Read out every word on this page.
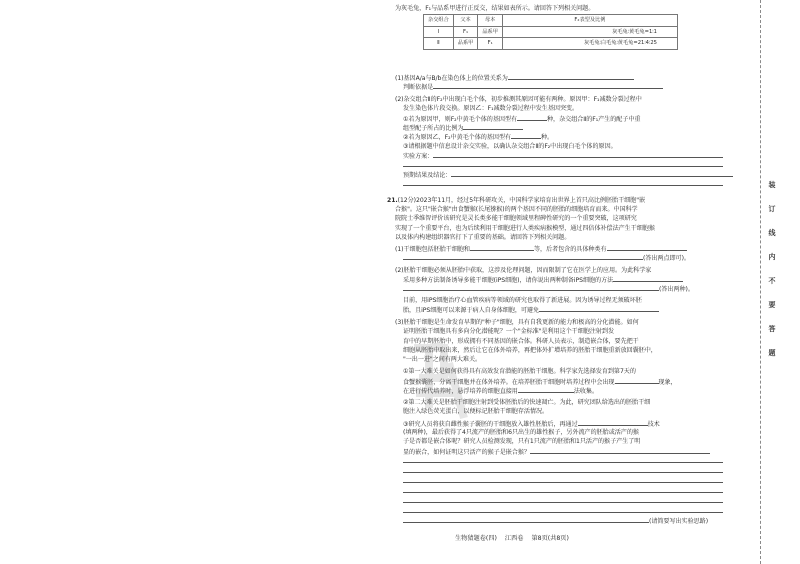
为灰毛兔，F₁与品系甲进行正反交，结果如表所示。请回答下列相关问题。
杂交组合	父本	母本	F₂表型及比例
Ⅰ	F₁	品系甲	灰毛兔∶黄毛兔=1∶1
Ⅱ	品系甲	F₁	灰毛兔∶白毛兔∶黄毛兔=21∶4∶25
(1)基因A/a与B/b在染色体上的位置关系为
判断依据是
(2)杂交组合Ⅱ的F₂中出现白毛个体，初步推测其原因可能有两种。原因甲：F₁减数分裂过程中
发生染色体片段交换。原因乙：F₁减数分裂过程中发生基因突变。
①若为原因甲，则F₂中黄毛个体的基因型有	种，杂交组合Ⅱ的F₁产生的配子中重
组型配子所占的比例为
②若为原因乙，F₂中黄毛个体的基因型有	种。
③请根据题中信息设计杂交实验，以确认杂交组合Ⅱ的F₂中出现白毛个体的原因。
实验方案：
预期结果及结论：
21.(12分)2023年11月，经过5年科研攻关，中国科学家培育出世界上首只高比例胚胎干细胞"嵌
合猴"。这只"嵌合猴"由食蟹猴(长尾猕猴)的两个基因不同的胚胎的细胞培育而来。中国科学
院院士季维智评价该研究是灵长类多能干细胞领域里程碑性研究的一个重要突破，这项研究
实现了一个重要平台，也为后续利用干细胞进行人类疾病猴模型，通过四倍体补偿法产生干细胞猴
以及体内构建组织器官打下了重要的基础。请回答下列相关问题。
(1)干细胞包括胚胎干细胞和	等，后者包含的具体种类有
(答出两点即可)。
(2)胚胎干细胞必须从胚胎中获取，这涉及伦理问题，因而限制了它在医学上的应用。为此科学家
采用多种方法制备诱导多能干细胞(iPS细胞)，请你说出两种制备iPS细胞的方法
(答出两种)。
目前，用iPS细胞治疗心血管疾病等领域的研究也取得了新进展。因为诱导过程无须破坏胚
胎，且iPS细胞可以来源于病人自身体细胞，可避免
(3)胚胎干细胞是生命发育早期的"种子"细胞，具有自我更新的能力和极高的分化潜能。如何
证明胚胎干细胞具有多向分化潜能呢？一个"金标准"是利用这个干细胞注射到发
育中的早期胚胎中，形成拥有不同基因的嵌合体。科研人员表示，制造嵌合体，要先把干
细胞从胚胎中取出来，然后让它在体外培养，再把体外扩增培养的胚胎干细胞重新放回囊胚中，
"一出一进"之间有两大难关。
①第一大难关是如何获得具有高效发育潜能的胚胎干细胞。科学家先选择发育到第7天的
食蟹猴囊胚，分离干细胞并在体外培养。在培养胚胎干细胞时培养过程中会出现	现象，
在进行传代培养时，悬浮培养的细胞直接用	法收集。
②第二大难关是胚胎干细胞注射到受体胚胎后的快速凋亡。为此，研究团队给选出的胚胎干细
胞注入绿色荧光蛋白，以便标记胚胎干细胞存活情况。
③研究人员将获自雌性猴子囊胚的干细胞放入雄性胚胎后，再通过	技术
(填两种)，最后获得了4只流产的胚胎和6只出生的雄性猴子，另外流产的胚胎或活产的猴
子是否都是嵌合体呢？研究人员检测发现，只有1只流产的胚胎和1只活产的猴子产生了明
显的嵌合，如何证明这只活产的猴子是嵌合猴？
(请简要写出实验思路)
生物猜题卷(四) 江西卷 第8页(共8页)
装
订
线
内
不
要
答
题
